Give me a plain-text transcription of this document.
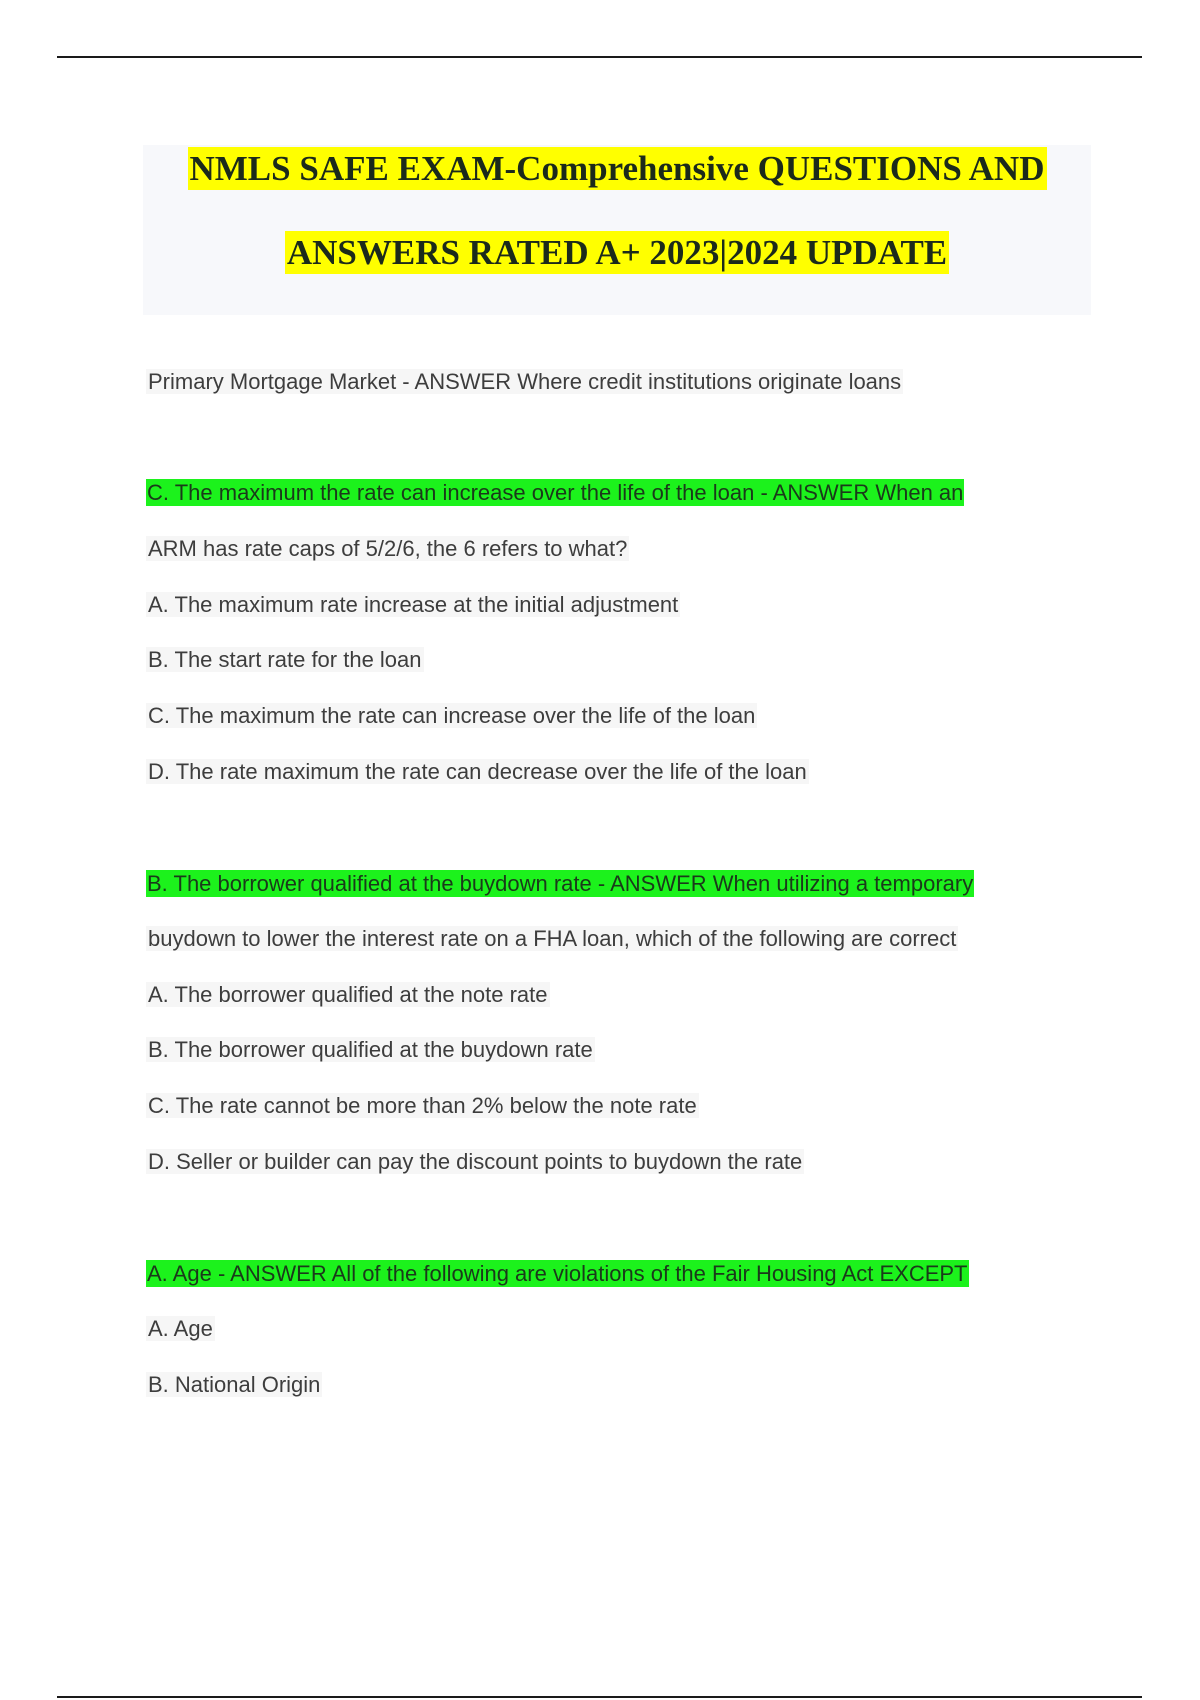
NMLS SAFE EXAM-Comprehensive QUESTIONS AND
ANSWERS RATED A+ 2023|2024 UPDATE
Primary Mortgage Market - ANSWER Where credit institutions originate loans
C. The maximum the rate can increase over the life of the loan - ANSWER When an
ARM has rate caps of 5/2/6, the 6 refers to what?
A. The maximum rate increase at the initial adjustment
B. The start rate for the loan
C. The maximum the rate can increase over the life of the loan
D. The rate maximum the rate can decrease over the life of the loan
B. The borrower qualified at the buydown rate - ANSWER When utilizing a temporary
buydown to lower the interest rate on a FHA loan, which of the following are correct
A. The borrower qualified at the note rate
B. The borrower qualified at the buydown rate
C. The rate cannot be more than 2% below the note rate
D. Seller or builder can pay the discount points to buydown the rate
A. Age - ANSWER All of the following are violations of the Fair Housing Act EXCEPT
A. Age
B. National Origin
